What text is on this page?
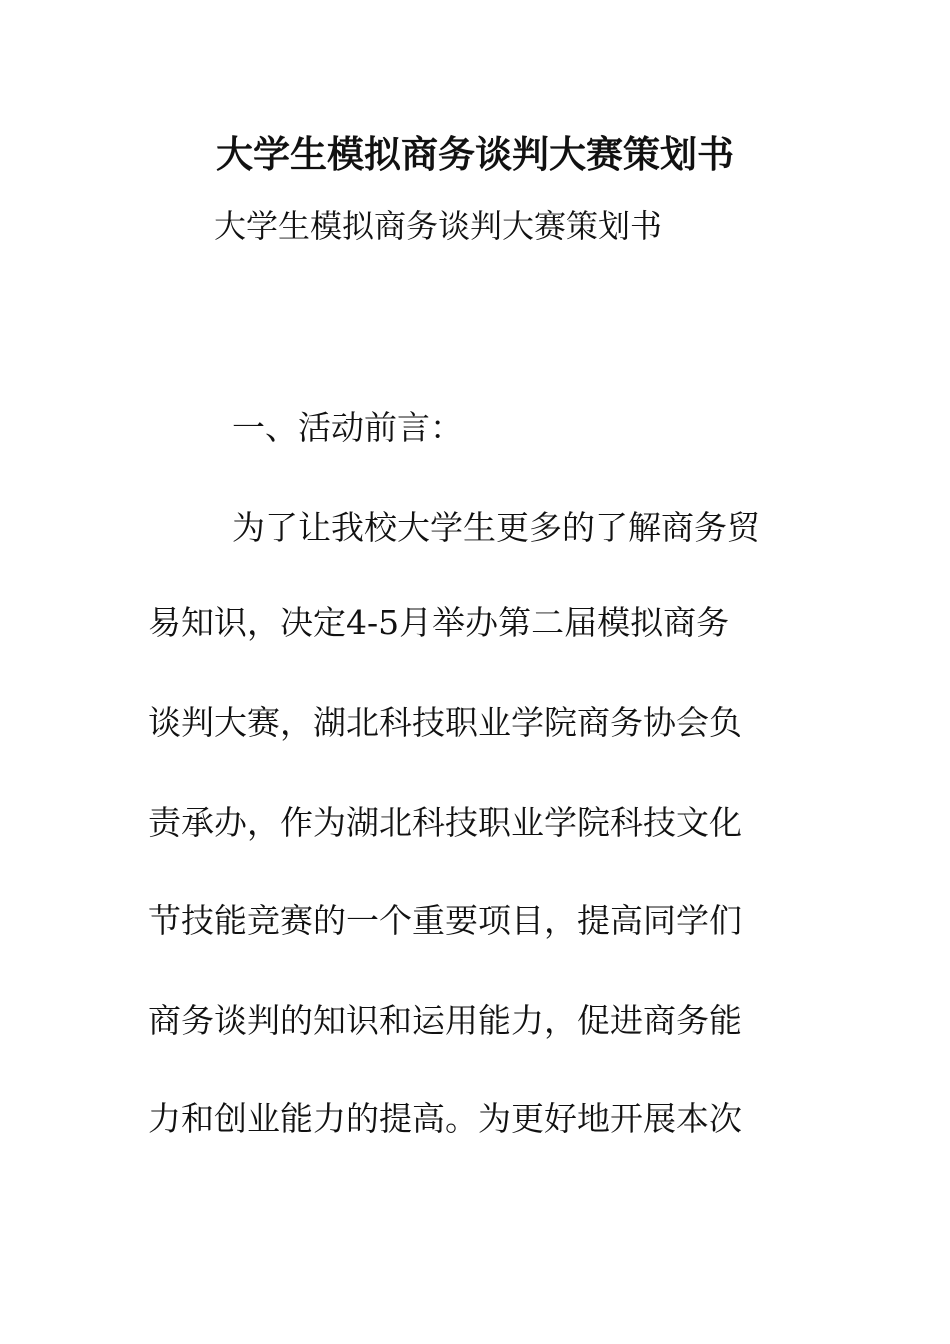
大学生模拟商务谈判大赛策划书
大学生模拟商务谈判大赛策划书
一、活动前言：
为了让我校大学生更多的了解商务贸
易知识，决定4-5月举办第二届模拟商务
谈判大赛，湖北科技职业学院商务协会负
责承办，作为湖北科技职业学院科技文化
节技能竞赛的一个重要项目，提高同学们
商务谈判的知识和运用能力，促进商务能
力和创业能力的提高。为更好地开展本次
